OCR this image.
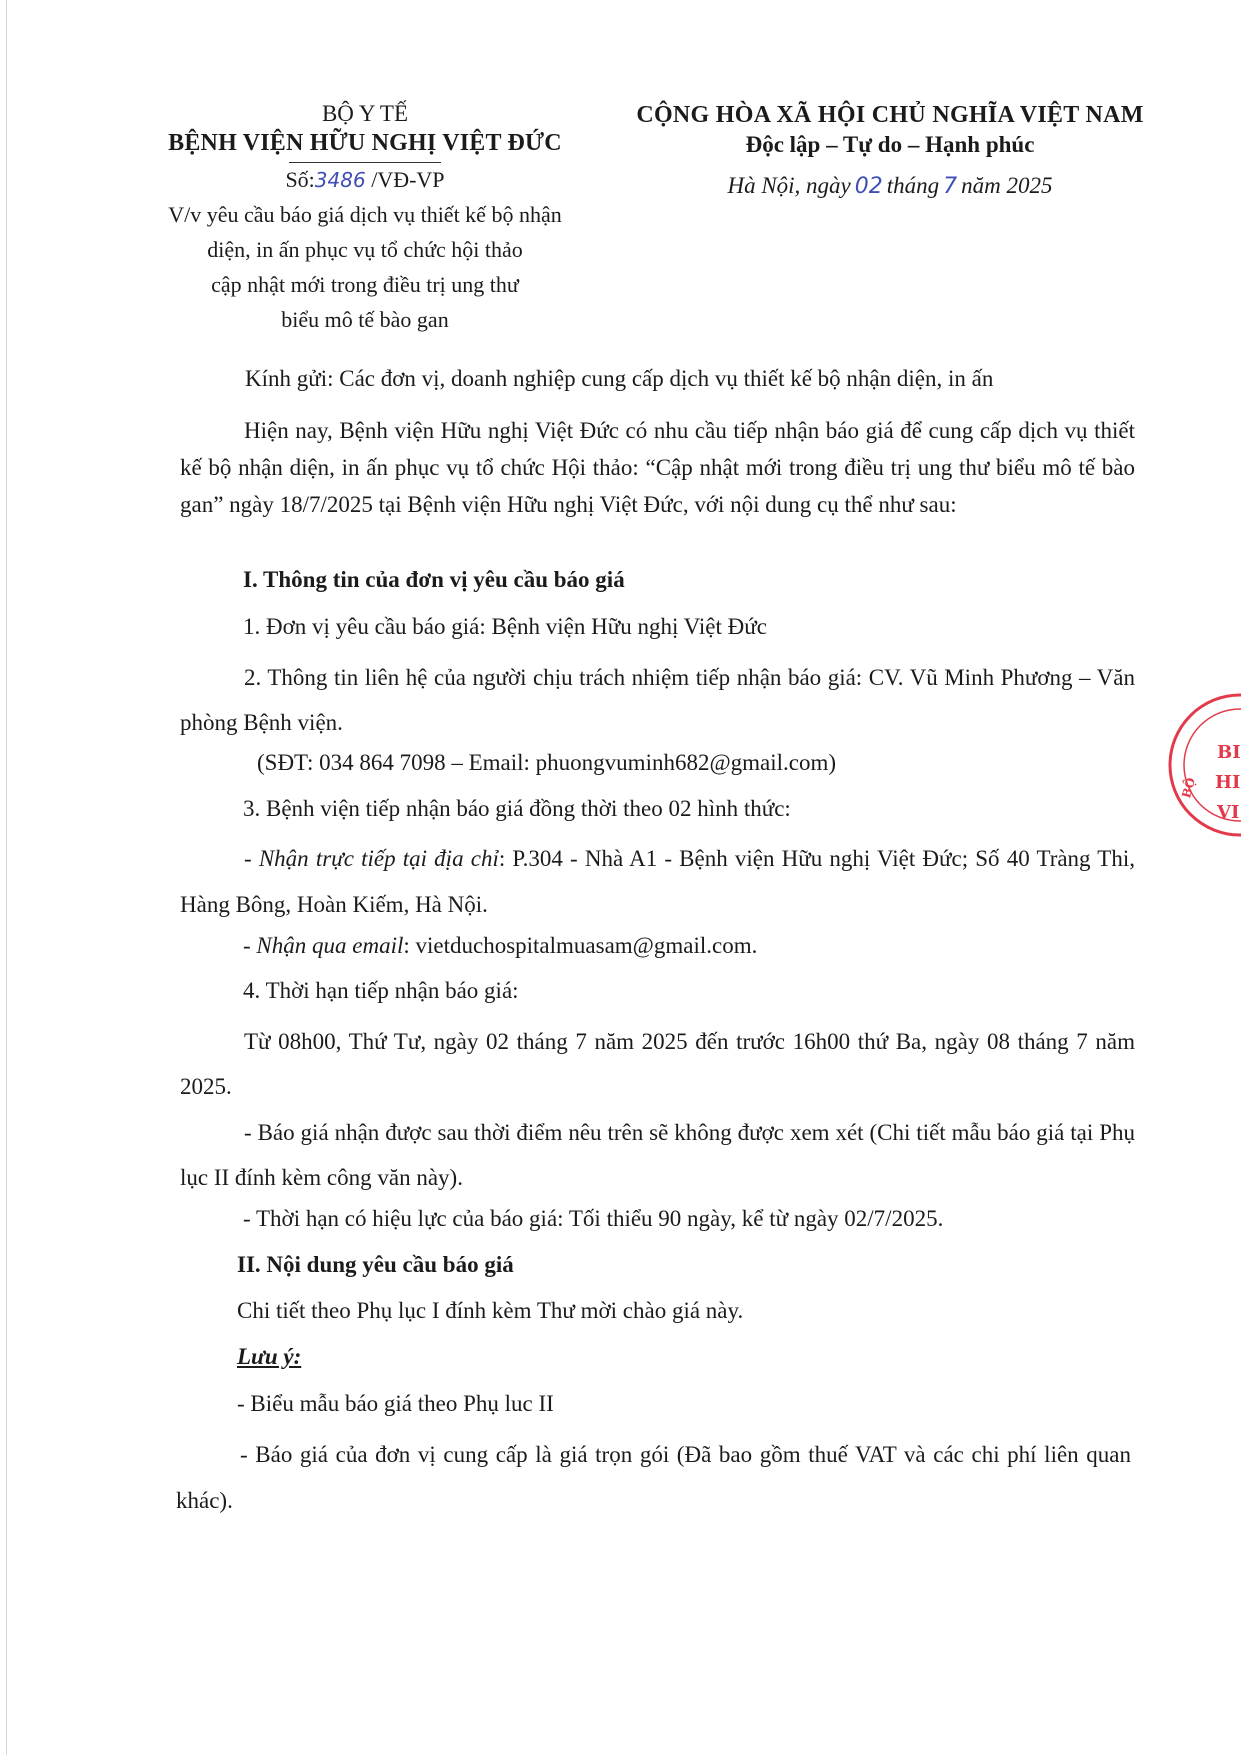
BỘ Y TẾ
BỆNH VIỆN HỮU NGHỊ VIỆT ĐỨC
Số:3486 /VĐ-VP
V/v yêu cầu báo giá dịch vụ thiết kế bộ nhận
diện, in ấn phục vụ tổ chức hội thảo
cập nhật mới trong điều trị ung thư
biểu mô tế bào gan
CỘNG HÒA XÃ HỘI CHỦ NGHĨA VIỆT NAM
Độc lập – Tự do – Hạnh phúc
Hà Nội, ngày 02 tháng 7 năm 2025
Kính gửi: Các đơn vị, doanh nghiệp cung cấp dịch vụ thiết kế bộ nhận diện, in ấn
Hiện nay, Bệnh viện Hữu nghị Việt Đức có nhu cầu tiếp nhận báo giá để cung cấp dịch vụ thiết kế bộ nhận diện, in ấn phục vụ tổ chức Hội thảo: “Cập nhật mới trong điều trị ung thư biểu mô tế bào gan” ngày 18/7/2025 tại Bệnh viện Hữu nghị Việt Đức, với nội dung cụ thể như sau:
I. Thông tin của đơn vị yêu cầu báo giá
1. Đơn vị yêu cầu báo giá: Bệnh viện Hữu nghị Việt Đức
2. Thông tin liên hệ của người chịu trách nhiệm tiếp nhận báo giá: CV. Vũ Minh Phương – Văn phòng Bệnh viện.
(SĐT: 034 864 7098 – Email: phuongvuminh682@gmail.com)
3. Bệnh viện tiếp nhận báo giá đồng thời theo 02 hình thức:
- Nhận trực tiếp tại địa chỉ: P.304 - Nhà A1 - Bệnh viện Hữu nghị Việt Đức; Số 40 Tràng Thi, Hàng Bông, Hoàn Kiếm, Hà Nội.
- Nhận qua email: vietduchospitalmuasam@gmail.com.
4. Thời hạn tiếp nhận báo giá:
Từ 08h00, Thứ Tư, ngày 02 tháng 7 năm 2025 đến trước 16h00 thứ Ba, ngày 08 tháng 7 năm 2025.
- Báo giá nhận được sau thời điểm nêu trên sẽ không được xem xét (Chi tiết mẫu báo giá tại Phụ lục II đính kèm công văn này).
- Thời hạn có hiệu lực của báo giá: Tối thiểu 90 ngày, kể từ ngày 02/7/2025.
II. Nội dung yêu cầu báo giá
Chi tiết theo Phụ lục I đính kèm Thư mời chào giá này.
Lưu ý:
- Biểu mẫu báo giá theo Phụ luc II
- Báo giá của đơn vị cung cấp là giá trọn gói (Đã bao gồm thuế VAT và các chi phí liên quan khác).
BI
HI
VI
BỘ
